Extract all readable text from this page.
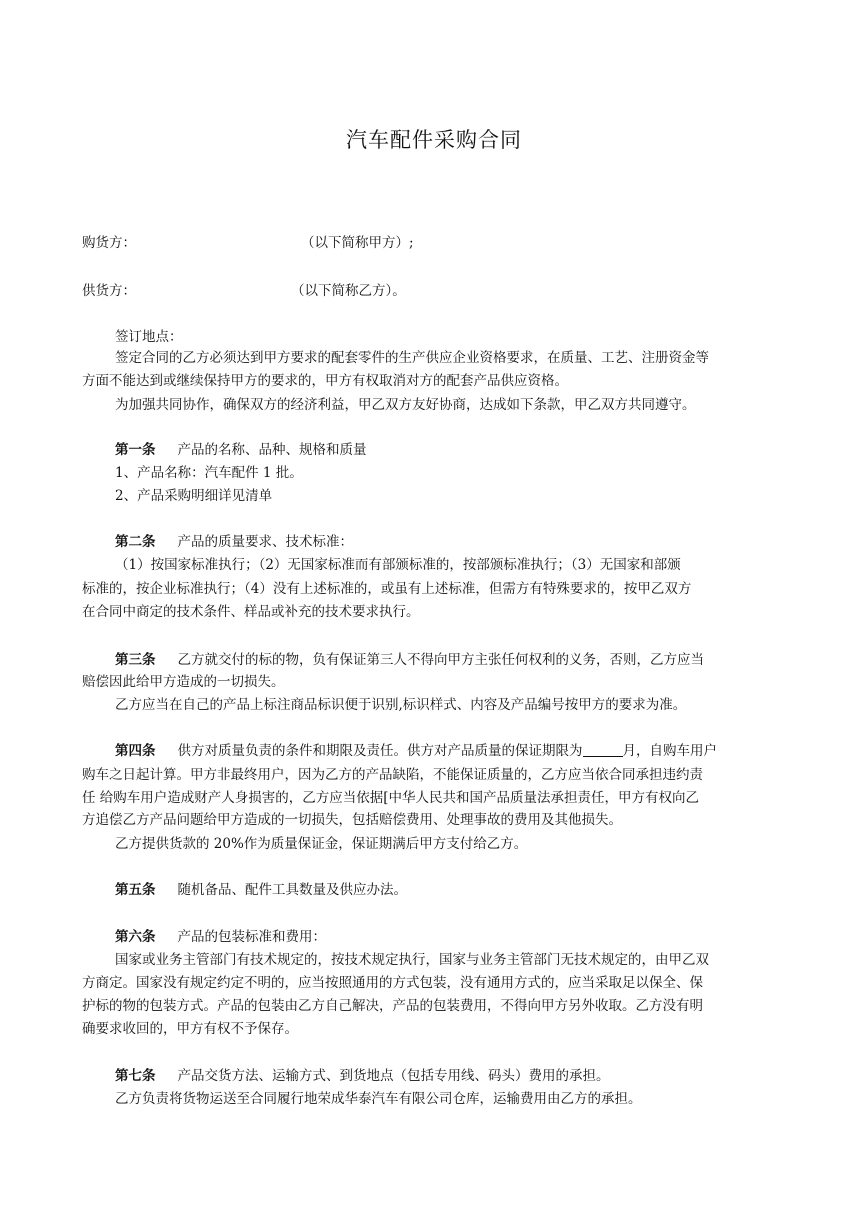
汽车配件采购合同
购货方：	（以下简称甲方）;
供货方：	（以下简称乙方）。
签订地点：
签定合同的乙方必须达到甲方要求的配套零件的生产供应企业资格要求，在质量、工艺、注册资金等
方面不能达到或继续保持甲方的要求的，甲方有权取消对方的配套产品供应资格。
为加强共同协作，确保双方的经济利益，甲乙双方友好协商，达成如下条款，甲乙双方共同遵守。
第一条 产品的名称、品种、规格和质量
1、产品名称：汽车配件 1 批。
2、产品采购明细详见清单
第二条 产品的质量要求、技术标准：
（1）按国家标准执行；（2）无国家标准而有部颁标准的，按部颁标准执行；（3）无国家和部颁
标准的，按企业标准执行；（4）没有上述标准的，或虽有上述标准，但需方有特殊要求的，按甲乙双方
在合同中商定的技术条件、样品或补充的技术要求执行。
第三条 乙方就交付的标的物，负有保证第三人不得向甲方主张任何权利的义务，否则，乙方应当
赔偿因此给甲方造成的一切损失。
乙方应当在自己的产品上标注商品标识便于识别,标识样式、内容及产品编号按甲方的要求为准。
第四条 供方对质量负责的条件和期限及责任。供方对产品质量的保证期限为	月，自购车用户
购车之日起计算。甲方非最终用户，因为乙方的产品缺陷，不能保证质量的，乙方应当依合同承担违约责
任 给购车用户造成财产人身损害的，乙方应当依据[中华人民共和国产品质量法承担责任，甲方有权向乙
方追偿乙方产品问题给甲方造成的一切损失，包括赔偿费用、处理事故的费用及其他损失。
乙方提供货款的 20%作为质量保证金，保证期满后甲方支付给乙方。
第五条 随机备品、配件工具数量及供应办法。
第六条 产品的包装标准和费用：
国家或业务主管部门有技术规定的，按技术规定执行，国家与业务主管部门无技术规定的，由甲乙双
方商定。国家没有规定约定不明的，应当按照通用的方式包装，没有通用方式的，应当采取足以保全、保
护标的物的包装方式。产品的包装由乙方自己解决，产品的包装费用，不得向甲方另外收取。乙方没有明
确要求收回的，甲方有权不予保存。
第七条 产品交货方法、运输方式、到货地点（包括专用线、码头）费用的承担。
乙方负责将货物运送至合同履行地荣成华泰汽车有限公司仓库，运输费用由乙方的承担。
